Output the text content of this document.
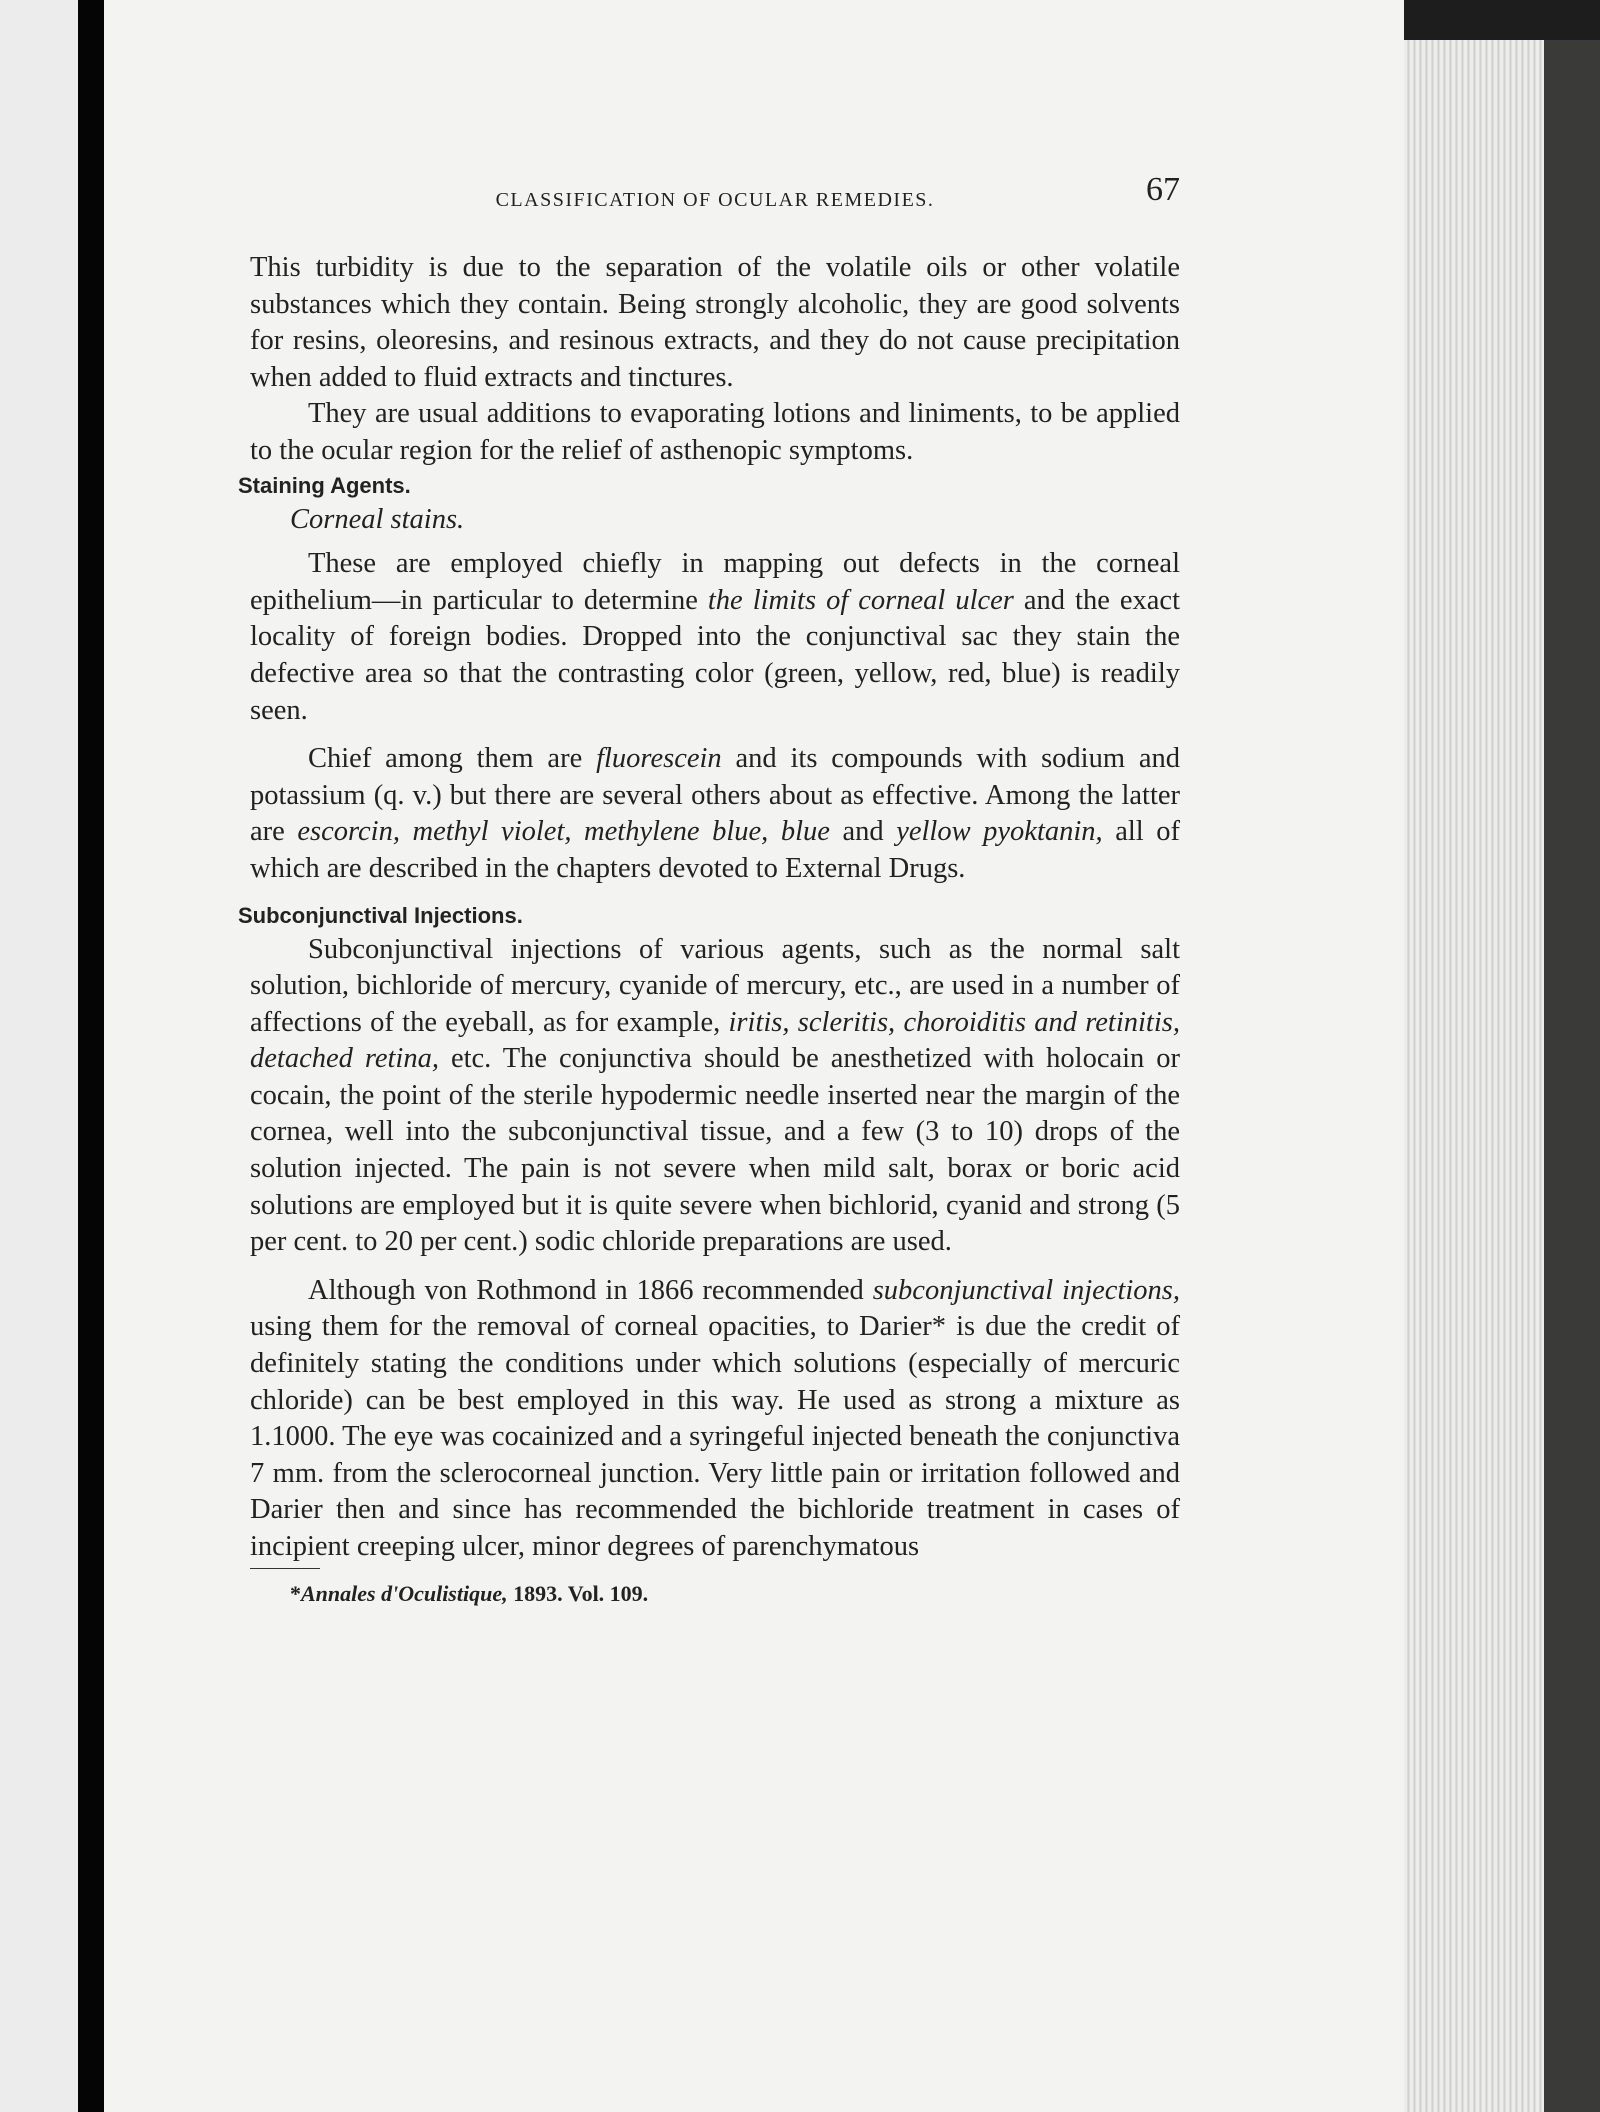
CLASSIFICATION OF OCULAR REMEDIES.	67

This turbidity is due to the separation of the volatile oils or other volatile substances which they contain. Being strongly alcoholic, they are good solvents for resins, oleoresins, and resinous extracts, and they do not cause precipitation when added to fluid extracts and tinctures.

They are usual additions to evaporating lotions and liniments, to be applied to the ocular region for the relief of asthenopic symptoms.

Staining Agents.
Corneal stains.

These are employed chiefly in mapping out defects in the corneal epithelium—in particular to determine the limits of corneal ulcer and the exact locality of foreign bodies. Dropped into the conjunctival sac they stain the defective area so that the contrasting color (green, yellow, red, blue) is readily seen.

Chief among them are fluorescein and its compounds with sodium and potassium (q. v.) but there are several others about as effective. Among the latter are escorcin, methyl violet, methylene blue, blue and yellow pyoktanin, all of which are described in the chapters devoted to External Drugs.

Subconjunctival Injections.

Subconjunctival injections of various agents, such as the normal salt solution, bichloride of mercury, cyanide of mercury, etc., are used in a number of affections of the eyeball, as for example, iritis, scleritis, choroiditis and retinitis, detached retina, etc. The conjunctiva should be anesthetized with holocain or cocain, the point of the sterile hypodermic needle inserted near the margin of the cornea, well into the subconjunctival tissue, and a few (3 to 10) drops of the solution injected. The pain is not severe when mild salt, borax or boric acid solutions are employed but it is quite severe when bichlorid, cyanid and strong (5 per cent. to 20 per cent.) sodic chloride preparations are used.

Although von Rothmond in 1866 recommended subconjunctival injections, using them for the removal of corneal opacities, to Darier* is due the credit of definitely stating the conditions under which solutions (especially of mercuric chloride) can be best employed in this way. He used as strong a mixture as 1.1000. The eye was cocainized and a syringeful injected beneath the conjunctiva 7 mm. from the sclerocorneal junction. Very little pain or irritation followed and Darier then and since has recommended the bichloride treatment in cases of incipient creeping ulcer, minor degrees of parenchymatous

*Annales d'Oculistique, 1893. Vol. 109.
